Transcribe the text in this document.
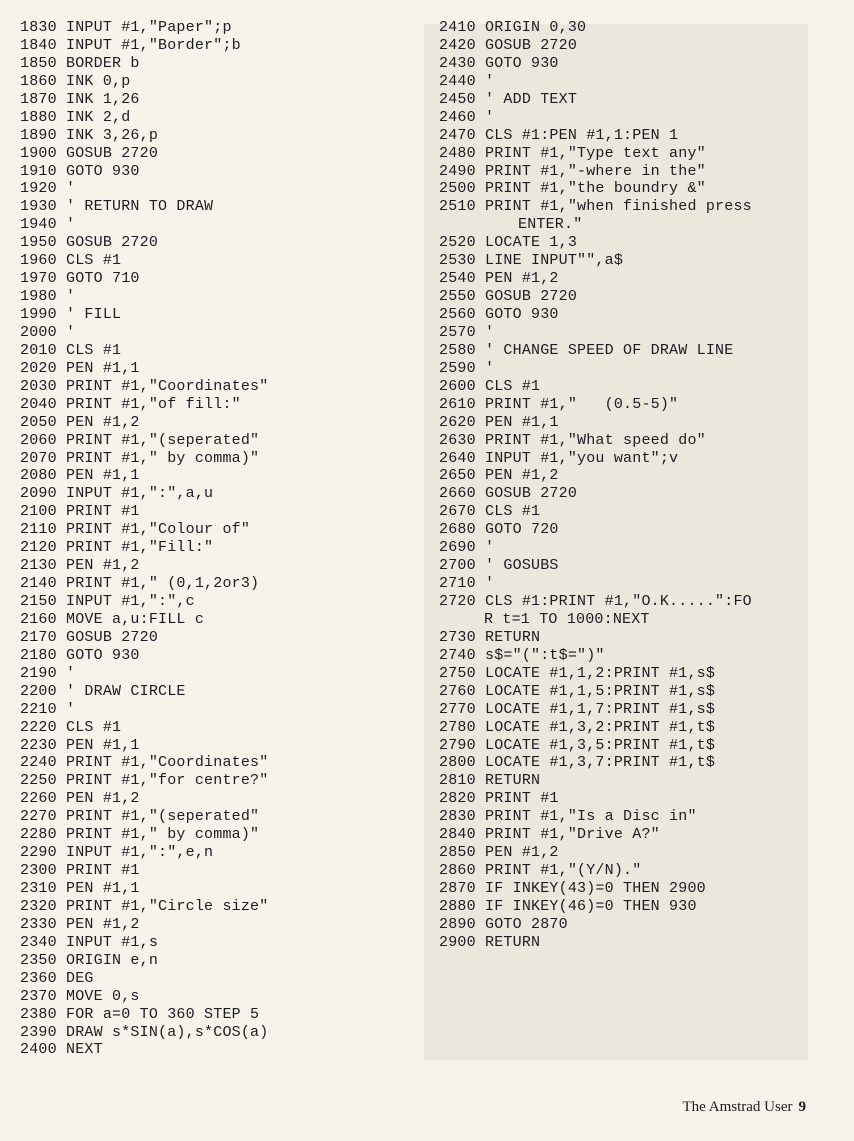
1830 INPUT #1,"Paper";p
1840 INPUT #1,"Border";b
1850 BORDER b
1860 INK 0,p
1870 INK 1,26
1880 INK 2,d
1890 INK 3,26,p
1900 GOSUB 2720
1910 GOTO 930
1920 '
1930 ' RETURN TO DRAW
1940 '
1950 GOSUB 2720
1960 CLS #1
1970 GOTO 710
1980 '
1990 ' FILL
2000 '
2010 CLS #1
2020 PEN #1,1
2030 PRINT #1,"Coordinates"
2040 PRINT #1,"of fill:"
2050 PEN #1,2
2060 PRINT #1,"(seperated"
2070 PRINT #1," by comma)"
2080 PEN #1,1
2090 INPUT #1,":",a,u
2100 PRINT #1
2110 PRINT #1,"Colour of"
2120 PRINT #1,"Fill:"
2130 PEN #1,2
2140 PRINT #1," (0,1,2or3)
2150 INPUT #1,":",c
2160 MOVE a,u:FILL c
2170 GOSUB 2720
2180 GOTO 930
2190 '
2200 ' DRAW CIRCLE
2210 '
2220 CLS #1
2230 PEN #1,1
2240 PRINT #1,"Coordinates"
2250 PRINT #1,"for centre?"
2260 PEN #1,2
2270 PRINT #1,"(seperated"
2280 PRINT #1," by comma)"
2290 INPUT #1,":",e,n
2300 PRINT #1
2310 PEN #1,1
2320 PRINT #1,"Circle size"
2330 PEN #1,2
2340 INPUT #1,s
2350 ORIGIN e,n
2360 DEG
2370 MOVE 0,s
2380 FOR a=0 TO 360 STEP 5
2390 DRAW s*SIN(a),s*COS(a)
2400 NEXT
2410 ORIGIN 0,30
2420 GOSUB 2720
2430 GOTO 930
2440 '
2450 ' ADD TEXT
2460 '
2470 CLS #1:PEN #1,1:PEN 1
2480 PRINT #1,"Type text any"
2490 PRINT #1,"-where in the"
2500 PRINT #1,"the boundry &"
2510 PRINT #1,"when finished press
ENTER."
2520 LOCATE 1,3
2530 LINE INPUT"",a$
2540 PEN #1,2
2550 GOSUB 2720
2560 GOTO 930
2570 '
2580 ' CHANGE SPEED OF DRAW LINE
2590 '
2600 CLS #1
2610 PRINT #1,"   (0.5-5)"
2620 PEN #1,1
2630 PRINT #1,"What speed do"
2640 INPUT #1,"you want";v
2650 PEN #1,2
2660 GOSUB 2720
2670 CLS #1
2680 GOTO 720
2690 '
2700 ' GOSUBS
2710 '
2720 CLS #1:PRINT #1,"O.K.....":FO
R t=1 TO 1000:NEXT
2730 RETURN
2740 s$="(":t$=")"
2750 LOCATE #1,1,2:PRINT #1,s$
2760 LOCATE #1,1,5:PRINT #1,s$
2770 LOCATE #1,1,7:PRINT #1,s$
2780 LOCATE #1,3,2:PRINT #1,t$
2790 LOCATE #1,3,5:PRINT #1,t$
2800 LOCATE #1,3,7:PRINT #1,t$
2810 RETURN
2820 PRINT #1
2830 PRINT #1,"Is a Disc in"
2840 PRINT #1,"Drive A?"
2850 PEN #1,2
2860 PRINT #1,"(Y/N)."
2870 IF INKEY(43)=0 THEN 2900
2880 IF INKEY(46)=0 THEN 930
2890 GOTO 2870
2900 RETURN
The Amstrad User 9
